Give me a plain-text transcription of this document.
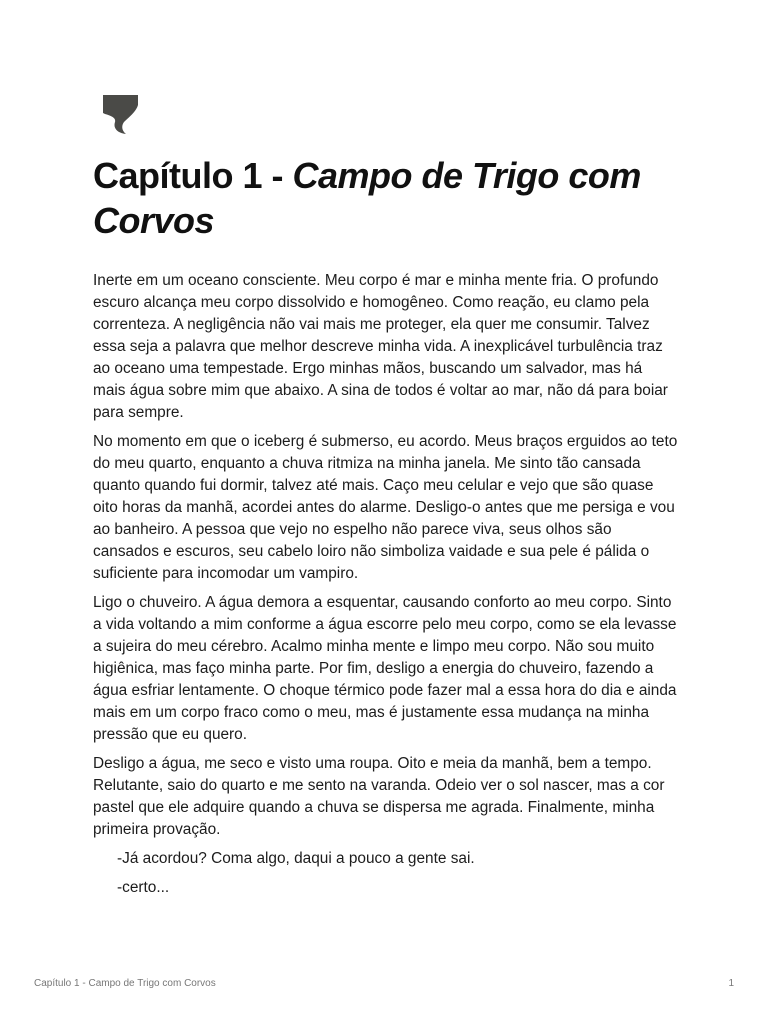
Capítulo 1 - Campo de Trigo com Corvos

Inerte em um oceano consciente. Meu corpo é mar e minha mente fria. O profundo escuro alcança meu corpo dissolvido e homogêneo. Como reação, eu clamo pela correnteza. A negligência não vai mais me proteger, ela quer me consumir. Talvez essa seja a palavra que melhor descreve minha vida. A inexplicável turbulência traz ao oceano uma tempestade. Ergo minhas mãos, buscando um salvador, mas há mais água sobre mim que abaixo. A sina de todos é voltar ao mar, não dá para boiar para sempre.

No momento em que o iceberg é submerso, eu acordo. Meus braços erguidos ao teto do meu quarto, enquanto a chuva ritmiza na minha janela. Me sinto tão cansada quanto quando fui dormir, talvez até mais. Caço meu celular e vejo que são quase oito horas da manhã, acordei antes do alarme. Desligo-o antes que me persiga e vou ao banheiro. A pessoa que vejo no espelho não parece viva, seus olhos são cansados e escuros, seu cabelo loiro não simboliza vaidade e sua pele é pálida o suficiente para incomodar um vampiro.

Ligo o chuveiro. A água demora a esquentar, causando conforto ao meu corpo. Sinto a vida voltando a mim conforme a água escorre pelo meu corpo, como se ela levasse a sujeira do meu cérebro. Acalmo minha mente e limpo meu corpo. Não sou muito higiênica, mas faço minha parte. Por fim, desligo a energia do chuveiro, fazendo a água esfriar lentamente. O choque térmico pode fazer mal a essa hora do dia e ainda mais em um corpo fraco como o meu, mas é justamente essa mudança na minha pressão que eu quero.

Desligo a água, me seco e visto uma roupa. Oito e meia da manhã, bem a tempo. Relutante, saio do quarto e me sento na varanda. Odeio ver o sol nascer, mas a cor pastel que ele adquire quando a chuva se dispersa me agrada. Finalmente, minha primeira provação.

-Já acordou? Coma algo, daqui a pouco a gente sai.

-certo...

Capítulo 1 - Campo de Trigo com Corvos	1
